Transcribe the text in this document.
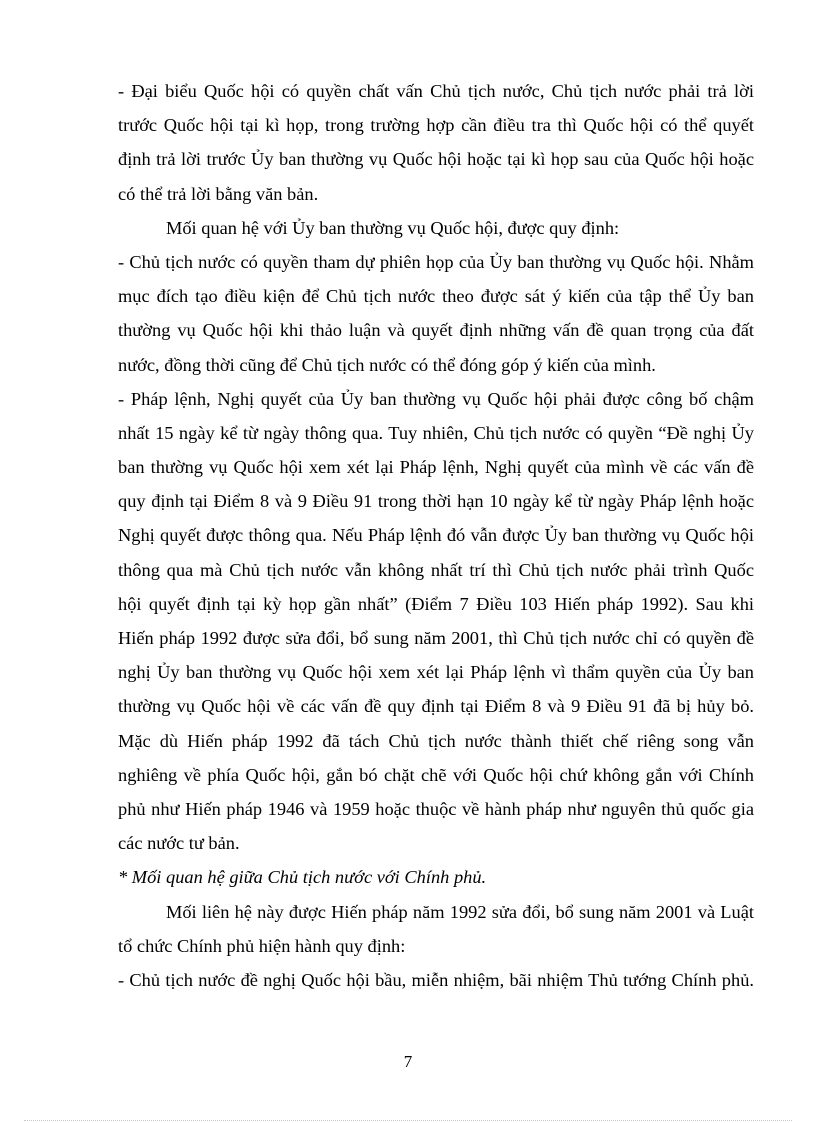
- Đại biểu Quốc hội có quyền chất vấn Chủ tịch nước, Chủ tịch nước phải trả lời
trước Quốc hội tại kì họp, trong trường hợp cần điều tra thì Quốc hội có thể quyết
định trả lời trước Ủy ban thường vụ Quốc hội hoặc tại kì họp sau của Quốc hội hoặc
có thể trả lời bằng văn bản.
Mối quan hệ với Ủy ban thường vụ Quốc hội, được quy định:
- Chủ tịch nước có quyền tham dự phiên họp của Ủy ban thường vụ Quốc hội. Nhằm
mục đích tạo điều kiện để Chủ tịch nước theo được sát ý kiến của tập thể Ủy ban
thường vụ Quốc hội khi thảo luận và quyết định những vấn đề quan trọng của đất
nước, đồng thời cũng để Chủ tịch nước có thể đóng góp ý kiến của mình.
- Pháp lệnh, Nghị quyết của Ủy ban thường vụ Quốc hội phải được công bố chậm
nhất 15 ngày kể từ ngày thông qua. Tuy nhiên, Chủ tịch nước có quyền “Đề nghị Ủy
ban thường vụ Quốc hội xem xét lại Pháp lệnh, Nghị quyết của mình về các vấn đề
quy định tại Điểm 8 và 9 Điều 91 trong thời hạn 10 ngày kể từ ngày Pháp lệnh hoặc
Nghị quyết được thông qua. Nếu Pháp lệnh đó vẫn được Ủy ban thường vụ Quốc hội
thông qua mà Chủ tịch nước vẫn không nhất trí thì Chủ tịch nước phải trình Quốc
hội quyết định tại kỳ họp gần nhất” (Điểm 7 Điều 103 Hiến pháp 1992). Sau khi
Hiến pháp 1992 được sửa đổi, bổ sung năm 2001, thì Chủ tịch nước chỉ có quyền đề
nghị Ủy ban thường vụ Quốc hội xem xét lại Pháp lệnh vì thẩm quyền của Ủy ban
thường vụ Quốc hội về các vấn đề quy định tại Điểm 8 và 9 Điều 91 đã bị hủy bỏ.
Mặc dù Hiến pháp 1992 đã tách Chủ tịch nước thành thiết chế riêng song vẫn
nghiêng về phía Quốc hội, gắn bó chặt chẽ với Quốc hội chứ không gắn với Chính
phủ như Hiến pháp 1946 và 1959 hoặc thuộc về hành pháp như nguyên thủ quốc gia
các nước tư bản.
* Mối quan hệ giữa Chủ tịch nước với Chính phủ.
Mối liên hệ này được Hiến pháp năm 1992 sửa đổi, bổ sung năm 2001 và Luật
tổ chức Chính phủ hiện hành quy định:
- Chủ tịch nước đề nghị Quốc hội bầu, miễn nhiệm, bãi nhiệm Thủ tướng Chính phủ.
7
